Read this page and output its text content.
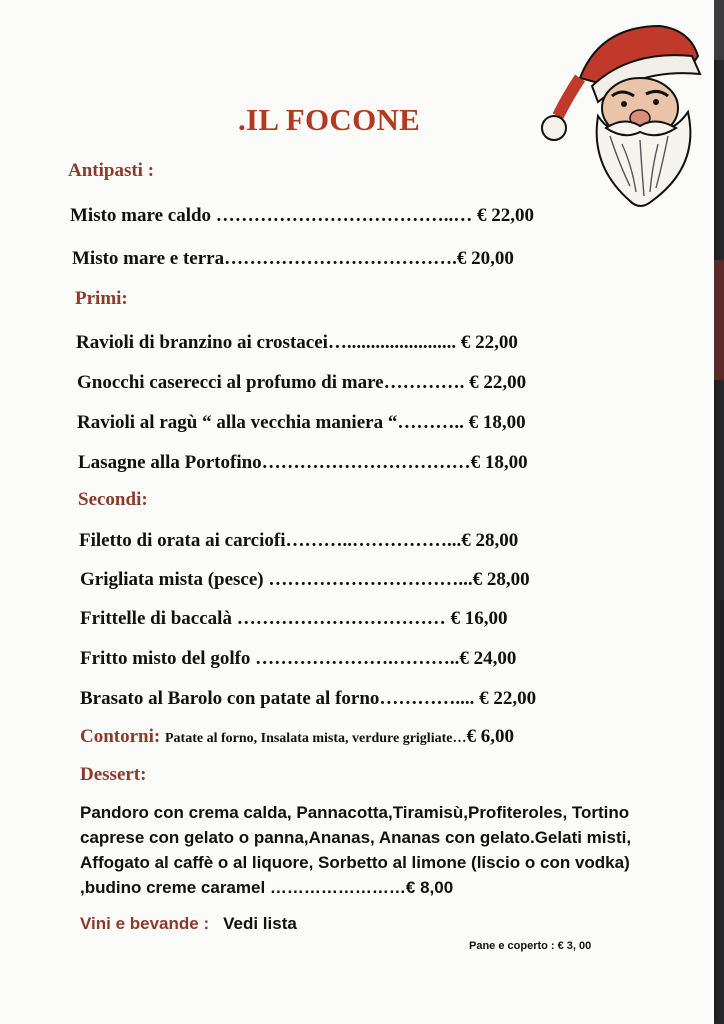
.IL FOCONE
Antipasti :
Misto mare caldo ………………………………..… € 22,00
Misto mare e terra……………………………….€ 20,00
Primi:
Ravioli di branzino ai crostacei…....................... € 22,00
Gnocchi caserecci al profumo di mare…………. € 22,00
Ravioli al ragù “ alla vecchia maniera “……….. € 18,00
Lasagne alla Portofino……………………………€ 18,00
Secondi:
Filetto di orata ai carciofi………..……………...€ 28,00
Grigliata mista (pesce) …………………………...€ 28,00
Frittelle di baccalà …………………………… € 16,00
Fritto misto del golfo ………………….………..€ 24,00
Brasato al Barolo con patate al forno………….... € 22,00
Contorni: Patate al forno, Insalata mista, verdure grigliate…€ 6,00
Dessert:
Pandoro con crema calda, Pannacotta,Tiramisù,Profiteroles, Tortino caprese con gelato o panna,Ananas, Ananas con gelato.Gelati misti, Affogato al caffè o al liquore, Sorbetto al limone (liscio o con vodka) ,budino creme caramel ……………………€ 8,00
Vini e bevande : Vedi lista
Pane e coperto : € 3, 00
